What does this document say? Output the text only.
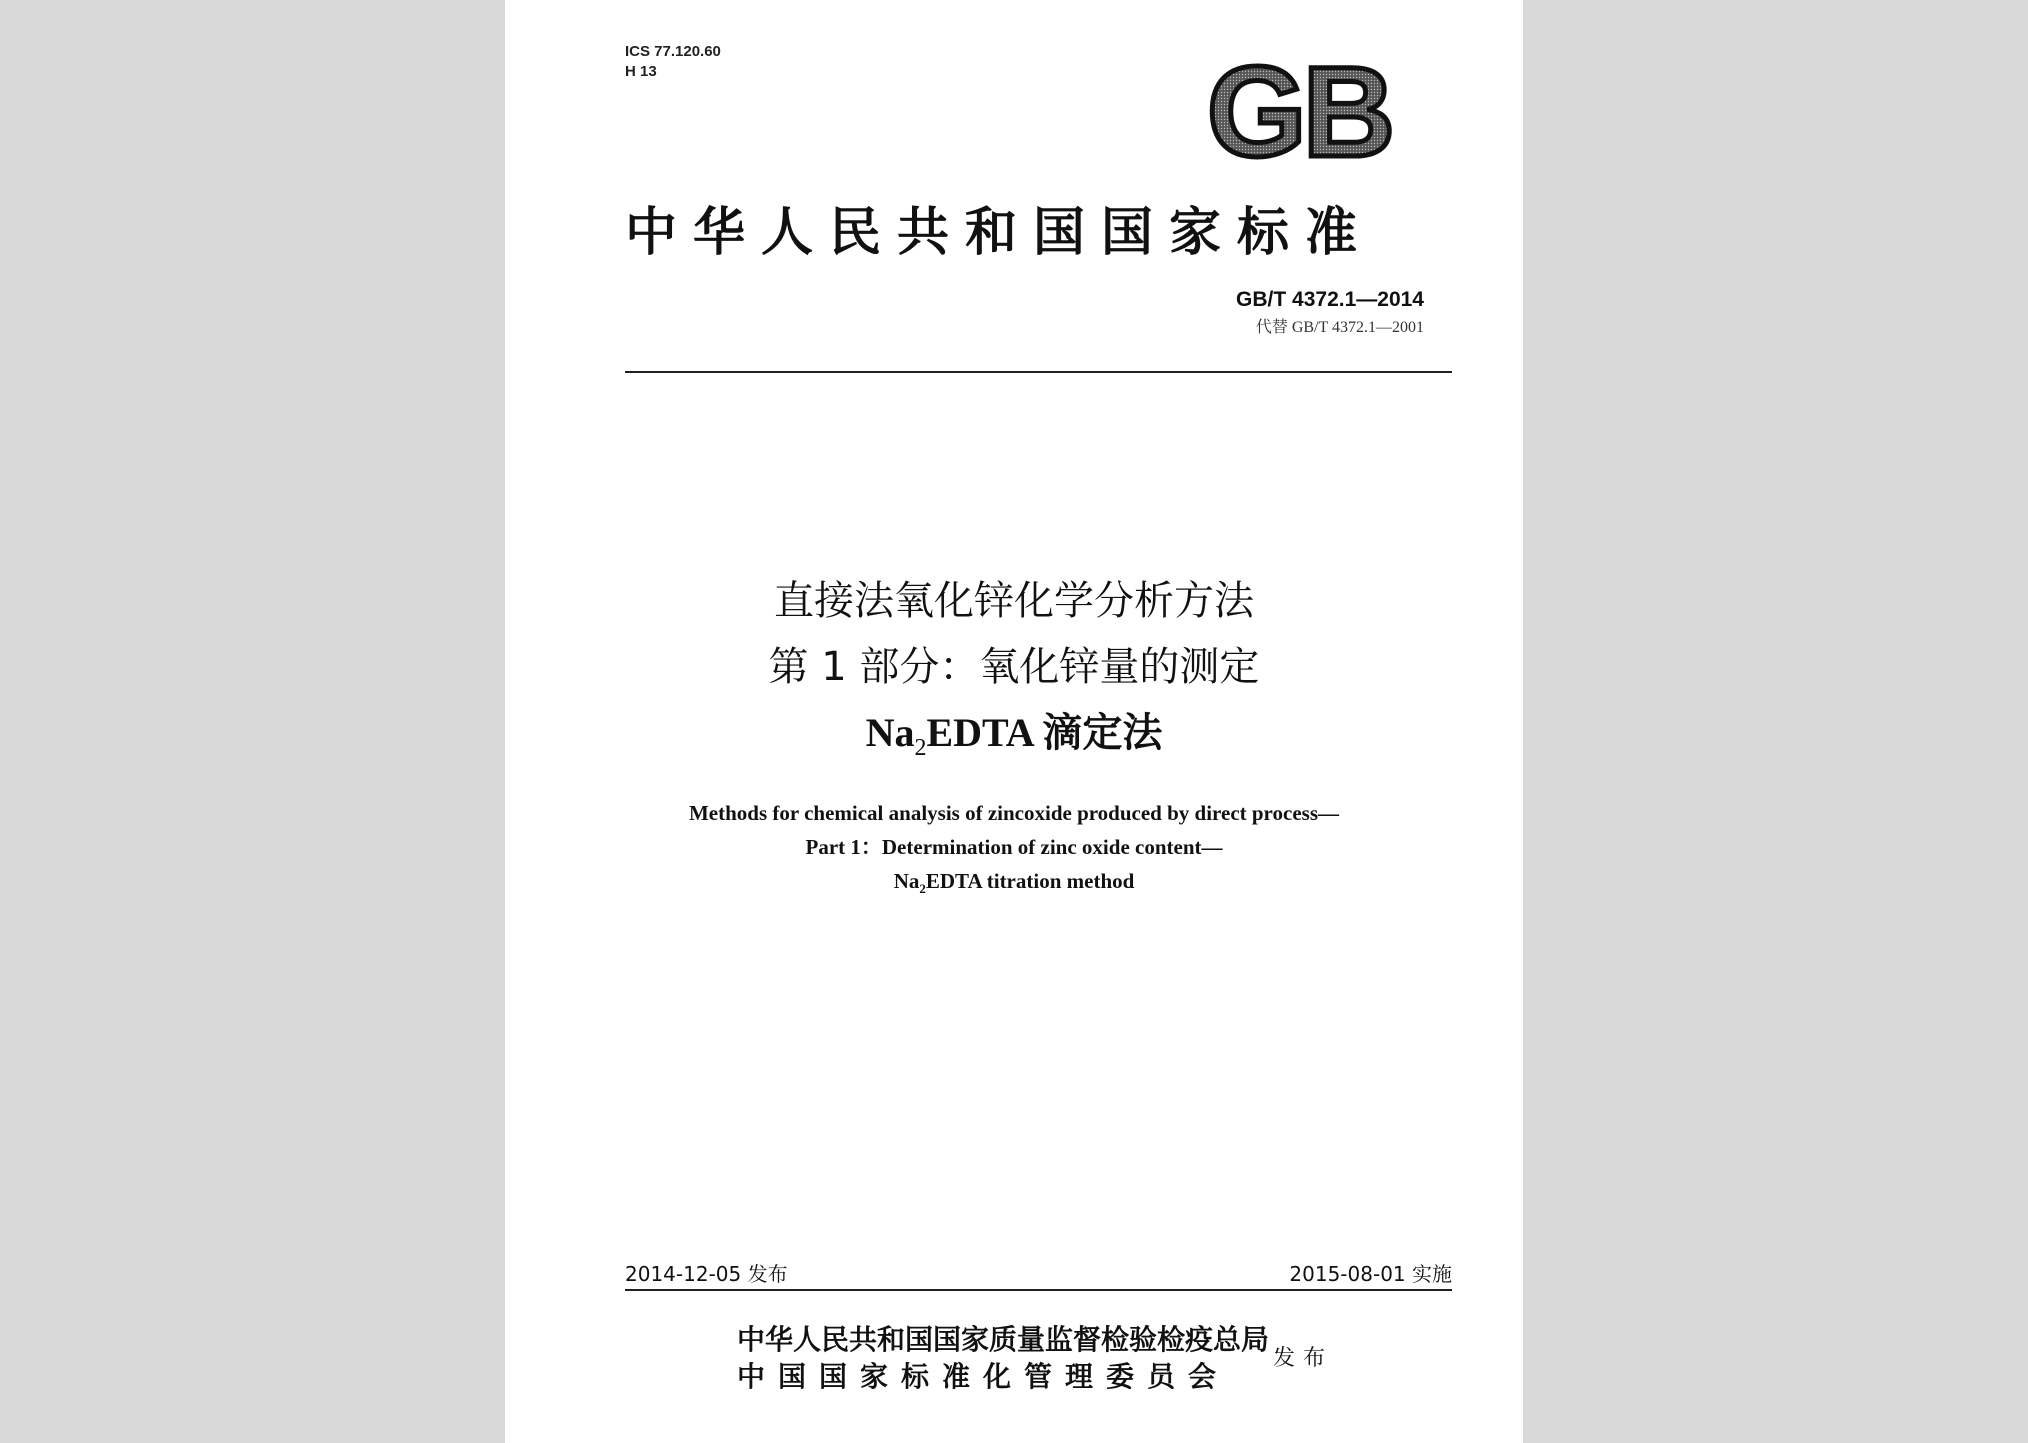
ICS 77.120.60
H 13	GB
中华人民共和国国家标准
GB/T 4372.1—2014
代替 GB/T 4372.1—2001
直接法氧化锌化学分析方法
第 1 部分：氧化锌量的测定
$Na_2EDTA$ 滴定法
Methods for chemical analysis of zincoxide produced by direct process—
Part 1：Determination of zinc oxide content—
$Na_2EDTA$ titration method
2014-12-05 发布	2015-08-01 实施
中华人民共和国国家质量监督检验检疫总局
中国国家标准化管理委员会
发布
